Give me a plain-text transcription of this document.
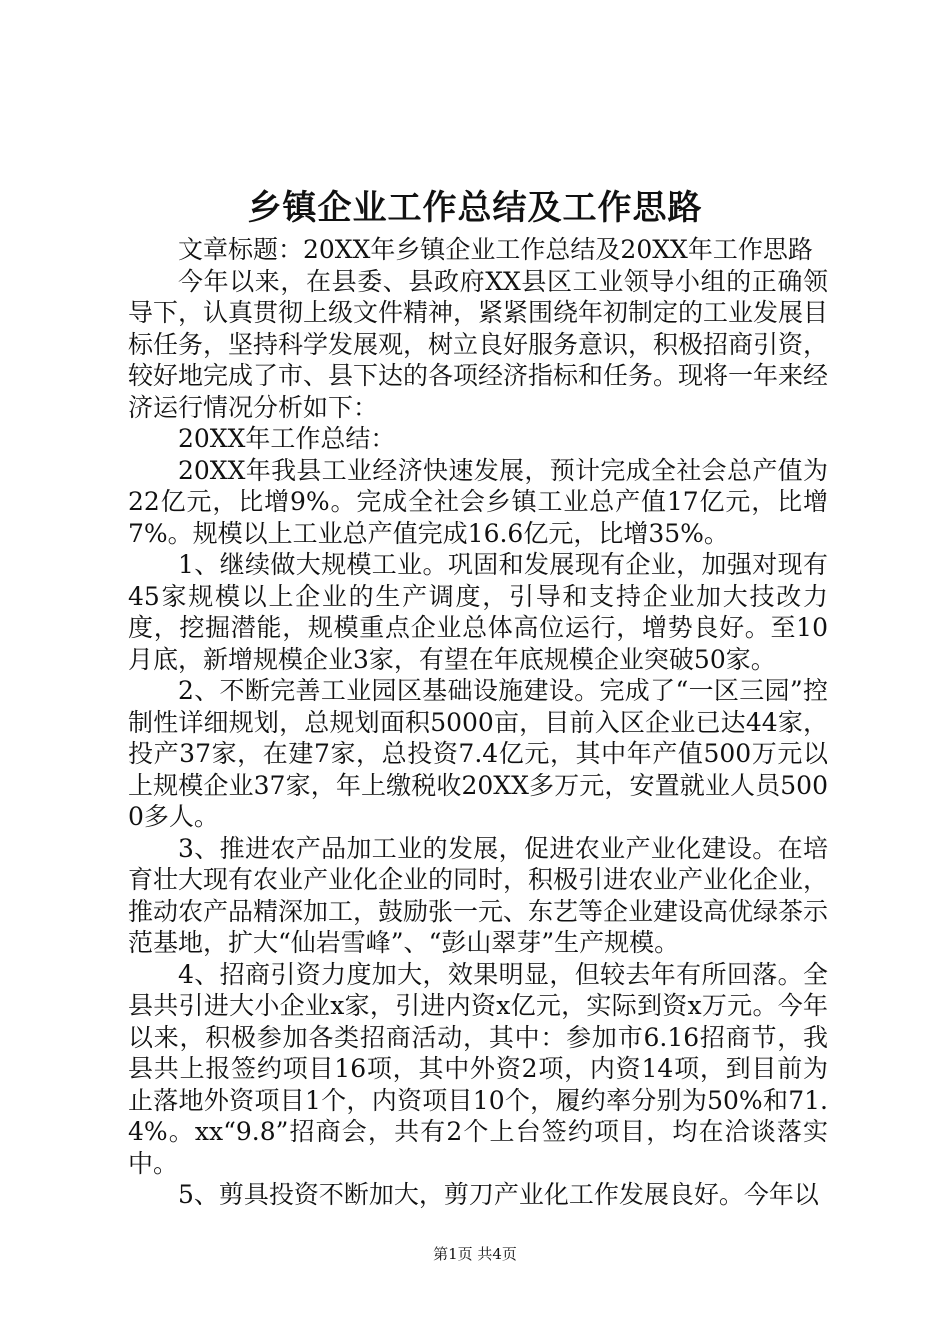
乡镇企业工作总结及工作思路

文章标题：20XX年乡镇企业工作总结及20XX年工作思路

今年以来，在县委、县政府XX县区工业领导小组的正确领导下，认真贯彻上级文件精神，紧紧围绕年初制定的工业发展目标任务，坚持科学发展观，树立良好服务意识，积极招商引资，较好地完成了市、县下达的各项经济指标和任务。现将一年来经济运行情况分析如下：

20XX年工作总结：

20XX年我县工业经济快速发展，预计完成全社会总产值为22亿元，比增9%。完成全社会乡镇工业总产值17亿元，比增7%。规模以上工业总产值完成16.6亿元，比增35%。

1、继续做大规模工业。巩固和发展现有企业，加强对现有45家规模以上企业的生产调度，引导和支持企业加大技改力度，挖掘潜能，规模重点企业总体高位运行，增势良好。至10月底，新增规模企业3家，有望在年底规模企业突破50家。

2、不断完善工业园区基础设施建设。完成了“一区三园”控制性详细规划，总规划面积5000亩，目前入区企业已达44家，投产37家，在建7家，总投资7.4亿元，其中年产值500万元以上规模企业37家，年上缴税收20XX多万元，安置就业人员5000多人。

3、推进农产品加工业的发展，促进农业产业化建设。在培育壮大现有农业产业化企业的同时，积极引进农业产业化企业，推动农产品精深加工，鼓励张一元、东艺等企业建设高优绿茶示范基地，扩大“仙岩雪峰”、“彭山翠芽”生产规模。

4、招商引资力度加大，效果明显，但较去年有所回落。全县共引进大小企业x家，引进内资x亿元，实际到资x万元。今年以来，积极参加各类招商活动，其中：参加市6.16招商节，我县共上报签约项目16项，其中外资2项，内资14项，到目前为止落地外资项目1个，内资项目10个，履约率分别为50%和71.4%。xx“9.8”招商会，共有2个上台签约项目，均在洽谈落实中。

5、剪具投资不断加大，剪刀产业化工作发展良好。今年以

第1页 共4页
